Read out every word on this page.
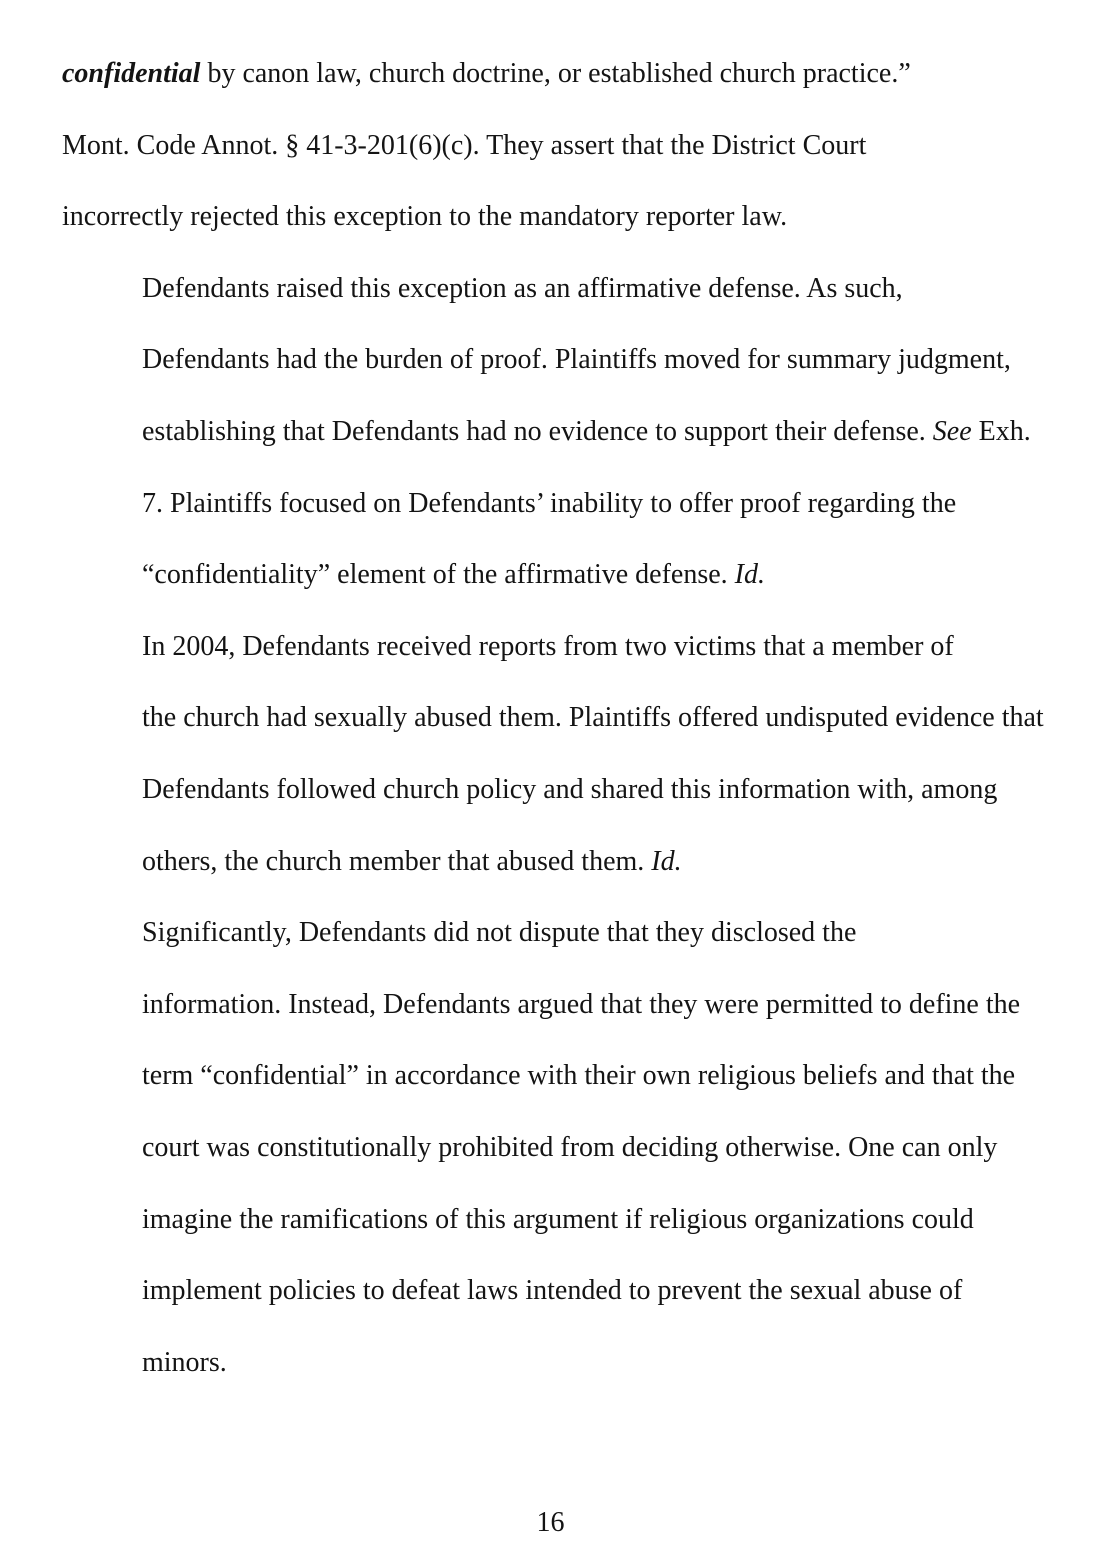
confidential by canon law, church doctrine, or established church practice.”
Mont. Code Annot. § 41-3-201(6)(c). They assert that the District Court
incorrectly rejected this exception to the mandatory reporter law.

Defendants raised this exception as an affirmative defense. As such,
Defendants had the burden of proof. Plaintiffs moved for summary judgment,
establishing that Defendants had no evidence to support their defense. See Exh.
7. Plaintiffs focused on Defendants’ inability to offer proof regarding the
“confidentiality” element of the affirmative defense. Id.

In 2004, Defendants received reports from two victims that a member of
the church had sexually abused them. Plaintiffs offered undisputed evidence that
Defendants followed church policy and shared this information with, among
others, the church member that abused them. Id.

Significantly, Defendants did not dispute that they disclosed the
information. Instead, Defendants argued that they were permitted to define the
term “confidential” in accordance with their own religious beliefs and that the
court was constitutionally prohibited from deciding otherwise. One can only
imagine the ramifications of this argument if religious organizations could
implement policies to defeat laws intended to prevent the sexual abuse of
minors.

16
